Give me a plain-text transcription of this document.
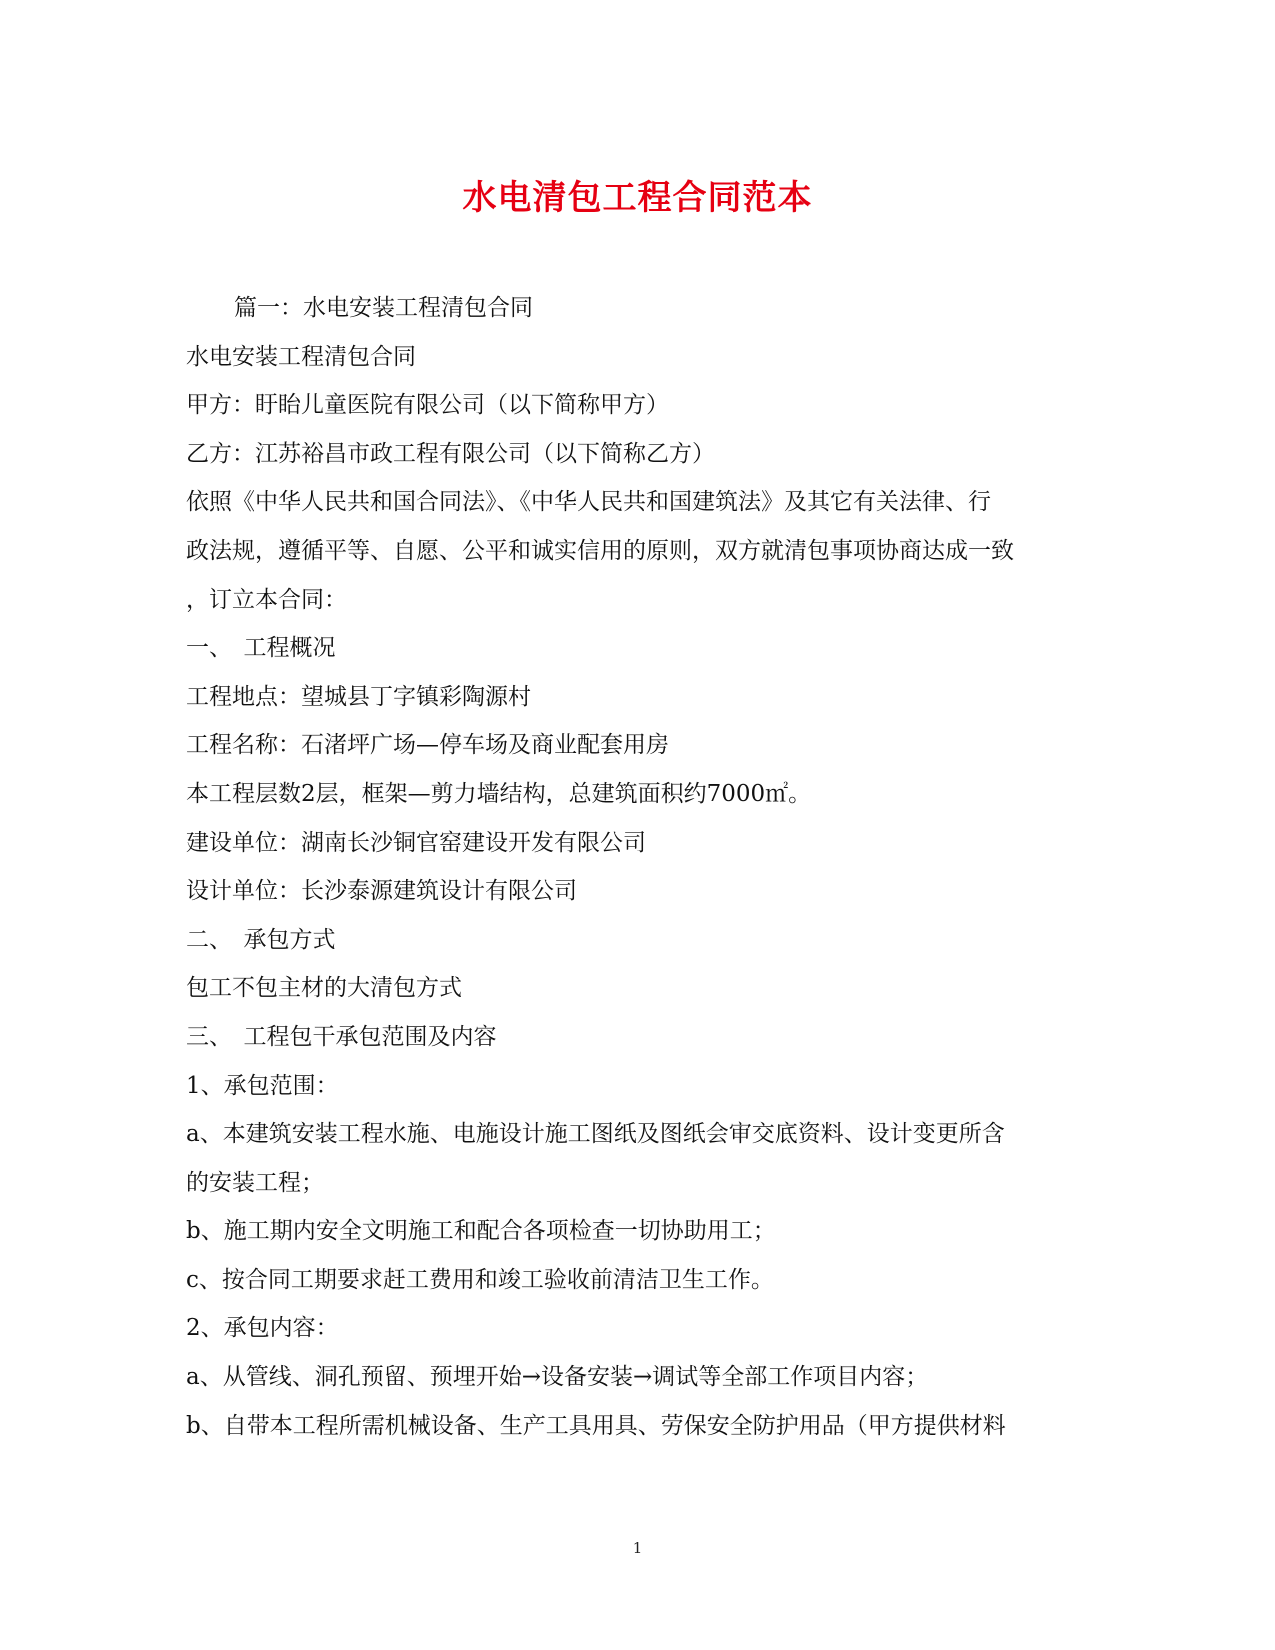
水电清包工程合同范本
篇一：水电安装工程清包合同
水电安装工程清包合同
甲方：盱眙儿童医院有限公司（以下简称甲方）
乙方：江苏裕昌市政工程有限公司（以下简称乙方）
依照《中华人民共和国合同法》、《中华人民共和国建筑法》及其它有关法律、行
政法规，遵循平等、自愿、公平和诚实信用的原则，双方就清包事项协商达成一致
，订立本合同：
一、　工程概况
工程地点：望城县丁字镇彩陶源村
工程名称：石渚坪广场—停车场及商业配套用房
本工程层数2层，框架—剪力墙结构，总建筑面积约7000㎡。
建设单位：湖南长沙铜官窑建设开发有限公司
设计单位：长沙泰源建筑设计有限公司
二、　承包方式
包工不包主材的大清包方式
三、　工程包干承包范围及内容
1、承包范围：
a、本建筑安装工程水施、电施设计施工图纸及图纸会审交底资料、设计变更所含
的安装工程；
b、施工期内安全文明施工和配合各项检查一切协助用工；
c、按合同工期要求赶工费用和竣工验收前清洁卫生工作。
2、承包内容：
a、从管线、洞孔预留、预埋开始→设备安装→调试等全部工作项目内容；
b、自带本工程所需机械设备、生产工具用具、劳保安全防护用品（甲方提供材料
1
